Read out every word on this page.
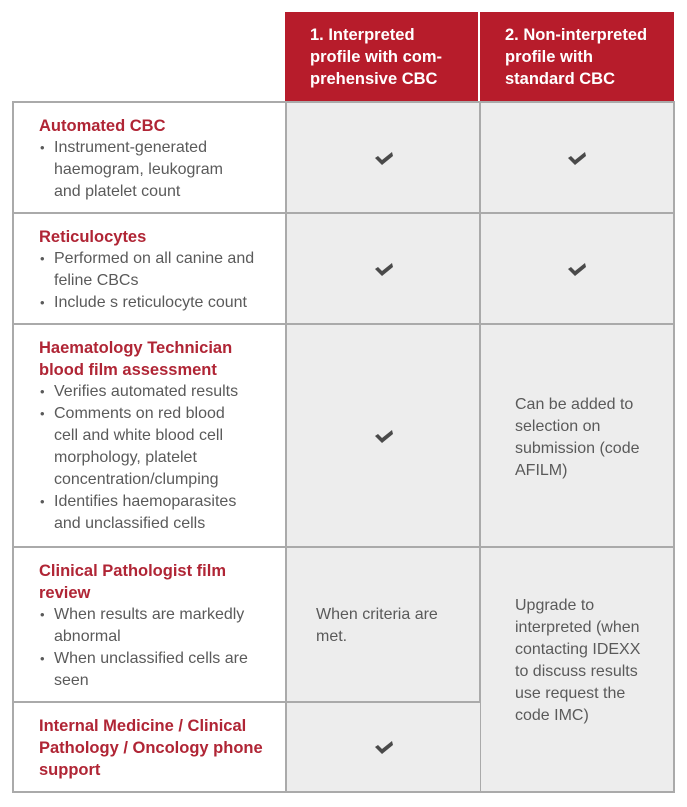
1. Interpreted
profile with com-
prehensive CBC
2. Non-interpreted
profile with
standard CBC
Automated CBC
• Instrument-generated haemogram, leukogram and platelet count
Reticulocytes
• Performed on all canine and feline CBCs
• Include s reticulocyte count
Haematology Technician blood film assessment
• Verifies automated results
• Comments on red blood cell and white blood cell morphology, platelet concentration/clumping
• Identifies haemoparasites and unclassified cells
Can be added to selection on submission (code AFILM)
Clinical Pathologist film review
• When results are markedly abnormal
• When unclassified cells are seen
When criteria are met.
Upgrade to interpreted (when contacting IDEXX to discuss results use request the code IMC)
Internal Medicine / Clinical Pathology / Oncology phone support
